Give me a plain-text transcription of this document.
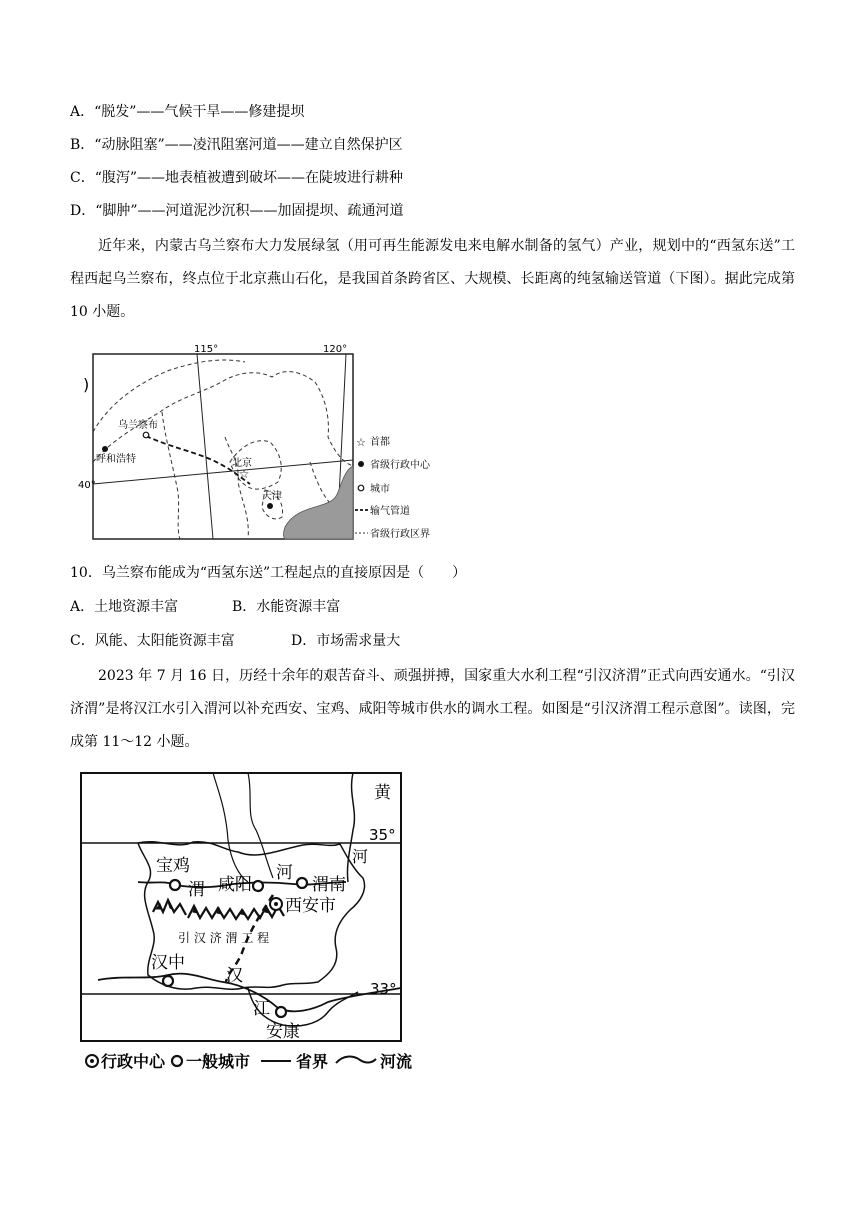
A．“脱发”——气候干旱——修建提坝
B．“动脉阻塞”——凌汛阻塞河道——建立自然保护区
C．“腹泻”——地表植被遭到破坏——在陡坡进行耕种
D．“脚肿”——河道泥沙沉积——加固提坝、疏通河道
近年来，内蒙古乌兰察布大力发展绿氢（用可再生能源发电来电解水制备的氢气）产业，规划中的“西氢东送”工程西起乌兰察布，终点位于北京燕山石化，是我国首条跨省区、大规模、长距离的纯氢输送管道（下图）。据此完成第 10 小题。
115°	120°
40°
)
乌兰察布
呼和浩特
☆
北京
天津
☆ 首都
省级行政中心
城市
输气管道
省级行政区界
10．乌兰察布能成为“西氢东送”工程起点的直接原因是（　　）
A．土地资源丰富	B．水能资源丰富
C．风能、太阳能资源丰富	D．市场需求量大
2023 年 7 月 16 日，历经十余年的艰苦奋斗、顽强拼搏，国家重大水利工程“引汉济渭”正式向西安通水。“引汉济渭”是将汉江水引入渭河以补充西安、宝鸡、咸阳等城市供水的调水工程。如图是“引汉济渭工程示意图”。读图，完成第 11～12 小题。
35°
33°
黄
河
宝鸡
渭 咸阳
河
渭南
西安市
引 汉 济 渭 工 程
汉中
汉
江
安康
行政中心 一般城市	省界	河流
